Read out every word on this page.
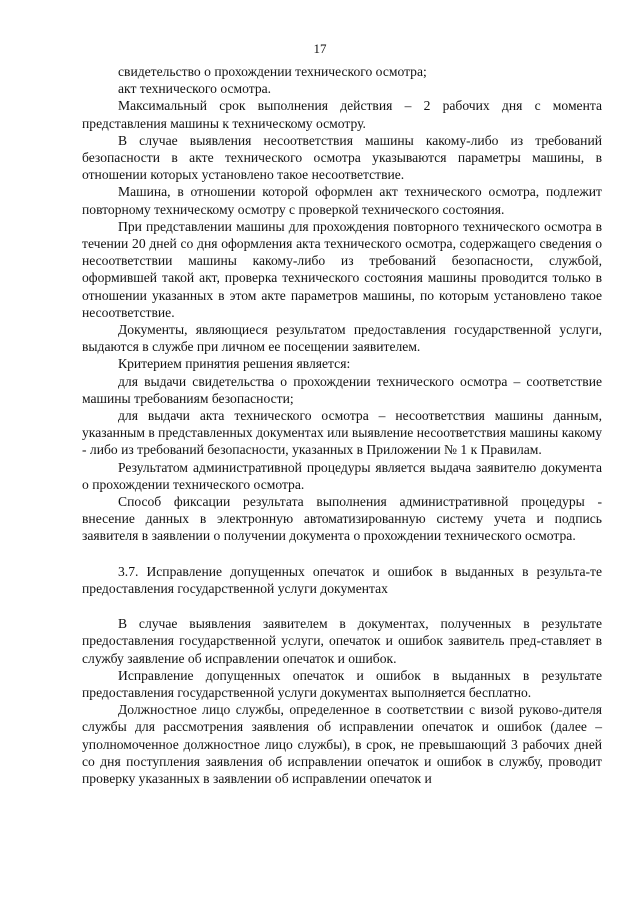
17

свидетельство о прохождении технического осмотра;

акт технического осмотра.

Максимальный срок выполнения действия – 2 рабочих дня с момента представления машины к техническому осмотру.

В случае выявления несоответствия машины какому-либо из требований безопасности в акте технического осмотра указываются параметры машины, в отношении которых установлено такое несоответствие.

Машина, в отношении которой оформлен акт технического осмотра, подлежит повторному техническому осмотру с проверкой технического состояния.

При представлении машины для прохождения повторного технического осмотра в течении 20 дней со дня оформления акта технического осмотра, содержащего сведения о несоответствии машины какому-либо из требований безопасности, службой, оформившей такой акт, проверка технического состояния машины проводится только в отношении указанных в этом акте параметров машины, по которым установлено такое несоответствие.

Документы, являющиеся результатом предоставления государственной услуги, выдаются в службе при личном ее посещении заявителем.

Критерием принятия решения является:

для выдачи свидетельства о прохождении технического осмотра – соответствие машины требованиям безопасности;

для выдачи акта технического осмотра – несоответствия машины данным, указанным в представленных документах или выявление несоответствия машины какому - либо из требований безопасности, указанных в Приложении № 1 к Правилам.

Результатом административной процедуры является выдача заявителю документа о прохождении технического осмотра.

Способ фиксации результата выполнения административной процедуры - внесение данных в электронную автоматизированную систему учета и подпись заявителя в заявлении о получении документа о прохождении технического осмотра.

3.7. Исправление допущенных опечаток и ошибок в выданных в результа-те предоставления государственной услуги документах

В случае выявления заявителем в документах, полученных в результате предоставления государственной услуги, опечаток и ошибок заявитель пред-ставляет в службу заявление об исправлении опечаток и ошибок.

Исправление допущенных опечаток и ошибок в выданных в результате предоставления государственной услуги документах выполняется бесплатно.

Должностное лицо службы, определенное в соответствии с визой руково-дителя службы для рассмотрения заявления об исправлении опечаток и ошибок (далее –уполномоченное должностное лицо службы), в срок, не превышающий 3 рабочих дней со дня поступления заявления об исправлении опечаток и ошибок в службу, проводит проверку указанных в заявлении об исправлении опечаток и
